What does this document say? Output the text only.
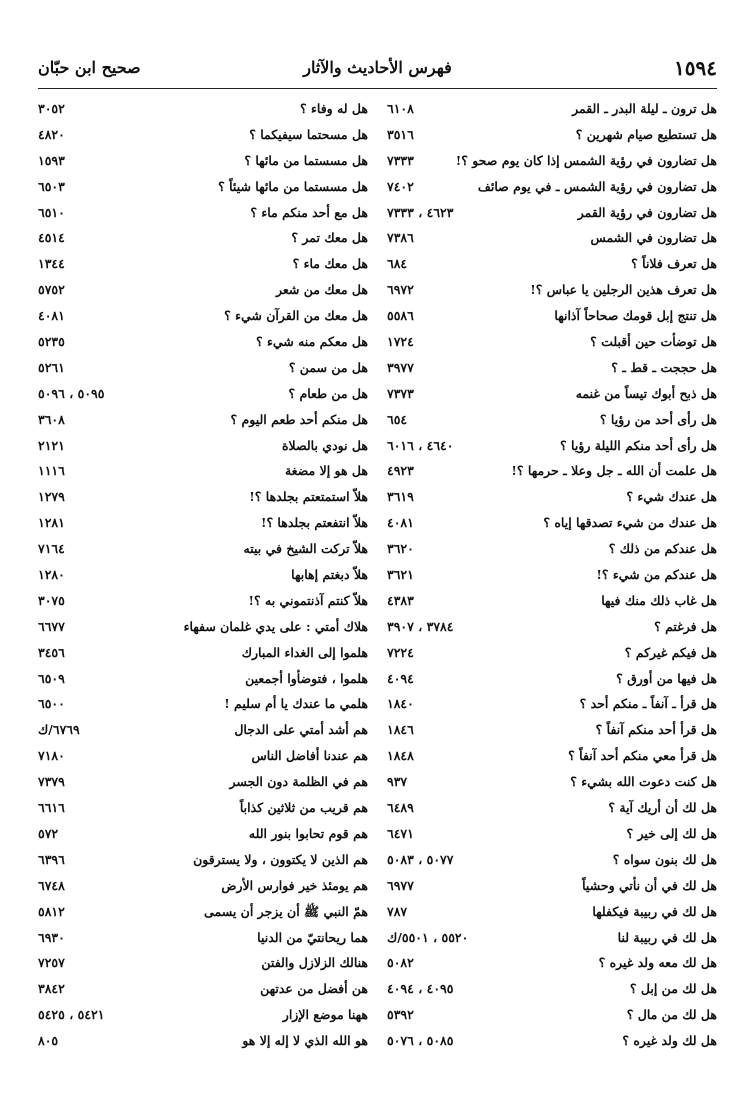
١٥٩٤
فهرس الأحاديث والآثار
صحيح ابن حبّان
هل ترون ـ ليلة البدر ـ القمر
٦١٠٨
هل تستطيع صيام شهرين ؟
٣٥١٦
هل تضارون في رؤية الشمس إذا كان يوم صحو ؟!
٧٣٣٣
هل تضارون في رؤية الشمس ـ في يوم صائف
٧٤٠٢
هل تضارون في رؤية القمر
٤٦٢٣ ، ٧٣٣٣
هل تضارون في الشمس
٧٣٨٦
هل تعرف فلاناً ؟
٦٨٤
هل تعرف هذين الرجلين يا عباس ؟!
٦٩٧٢
هل تنتج إبل قومك صحاحاً آذانها
٥٥٨٦
هل توضأت حين أقبلت ؟
١٧٢٤
هل حججت ـ قط ـ ؟
٣٩٧٧
هل ذبح أبوك تيساً من غنمه
٧٣٧٣
هل رأى أحد من رؤيا ؟
٦٥٤
هل رأى أحد منكم الليلة رؤيا ؟
٤٦٤٠ ، ٦٠١٦
هل علمت أن الله ـ جل وعلا ـ حرمها ؟!
٤٩٢٣
هل عندك شيء ؟
٣٦١٩
هل عندك من شيء تصدقها إياه ؟
٤٠٨١
هل عندكم من ذلك ؟
٣٦٢٠
هل عندكم من شيء ؟!
٣٦٢١
هل غاب ذلك منك فيها
٤٣٨٣
هل فرغتم ؟
٣٧٨٤ ، ٣٩٠٧
هل فيكم غيركم ؟
٧٢٢٤
هل فيها من أورق ؟
٤٠٩٤
هل قرأ ـ آنفاً ـ منكم أحد ؟
١٨٤٠
هل قرأ أحد منكم آنفاً ؟
١٨٤٦
هل قرأ معي منكم أحد آنفاً ؟
١٨٤٨
هل كنت دعوت الله بشيء ؟
٩٣٧
هل لك أن أريك آية ؟
٦٤٨٩
هل لك إلى خير ؟
٦٤٧١
هل لك بنون سواه ؟
٥٠٧٧ ، ٥٠٨٣
هل لك في أن نأتي وحشياً
٦٩٧٧
هل لك في ربيبة فيكفلها
٧٨٧
هل لك في ربيبة لنا
٥٥٢٠ ، ٥٥٠١/ك
هل لك معه ولد غيره ؟
٥٠٨٢
هل لك من إبل ؟
٤٠٩٥ ، ٤٠٩٤
هل لك من مال ؟
٥٣٩٢
هل لك ولد غيره ؟
٥٠٨٥ ، ٥٠٧٦
هل له وفاء ؟
٣٠٥٢
هل مسحتما سيفيكما ؟
٤٨٢٠
هل مسستما من مائها ؟
١٥٩٣
هل مسستما من مائها شيئاً ؟
٦٥٠٣
هل مع أحد منكم ماء ؟
٦٥١٠
هل معك تمر ؟
٤٥١٤
هل معك ماء ؟
١٣٤٤
هل معك من شعر
٥٧٥٢
هل معك من القرآن شيء ؟
٤٠٨١
هل معكم منه شيء ؟
٥٢٣٥
هل من سمن ؟
٥٢٦١
هل من طعام ؟
٥٠٩٥ ، ٥٠٩٦
هل منكم أحد طعم اليوم ؟
٣٦٠٨
هل نودي بالصلاة
٢١٢١
هل هو إلا مضغة
١١١٦
هلاّ استمتعتم بجلدها ؟!
١٢٧٩
هلاّ انتفعتم بجلدها ؟!
١٢٨١
هلاّ تركت الشيخ في بيته
٧١٦٤
هلاّ دبغتم إهابها
١٢٨٠
هلاّ كنتم آذنتموني به ؟!
٣٠٧٥
هلاك أمتي : على يدي غلمان سفهاء
٦٦٧٧
هلموا إلى الغداء المبارك
٣٤٥٦
هلموا ، فتوضأوا أجمعين
٦٥٠٩
هلمي ما عندك يا أم سليم !
٦٥٠٠
هم أشد أمتي على الدجال
٦٧٦٩/ك
هم عندنا أفاضل الناس
٧١٨٠
هم في الظلمة دون الجسر
٧٣٧٩
هم قريب من ثلاثين كذاباً
٦٦١٦
هم قوم تحابوا بنور الله
٥٧٢
هم الذين لا يكتوون ، ولا يسترقون
٦٣٩٦
هم يومئذ خير فوارس الأرض
٦٧٤٨
همّ النبي ﷺ أن يزجر أن يسمى
٥٨١٢
هما ريحانتيّ من الدنيا
٦٩٣٠
هنالك الزلازل والفتن
٧٢٥٧
هن أفضل من عدتهن
٣٨٤٢
ههنا موضع الإزار
٥٤٢١ ، ٥٤٢٥
هو الله الذي لا إله إلا هو
٨٠٥
